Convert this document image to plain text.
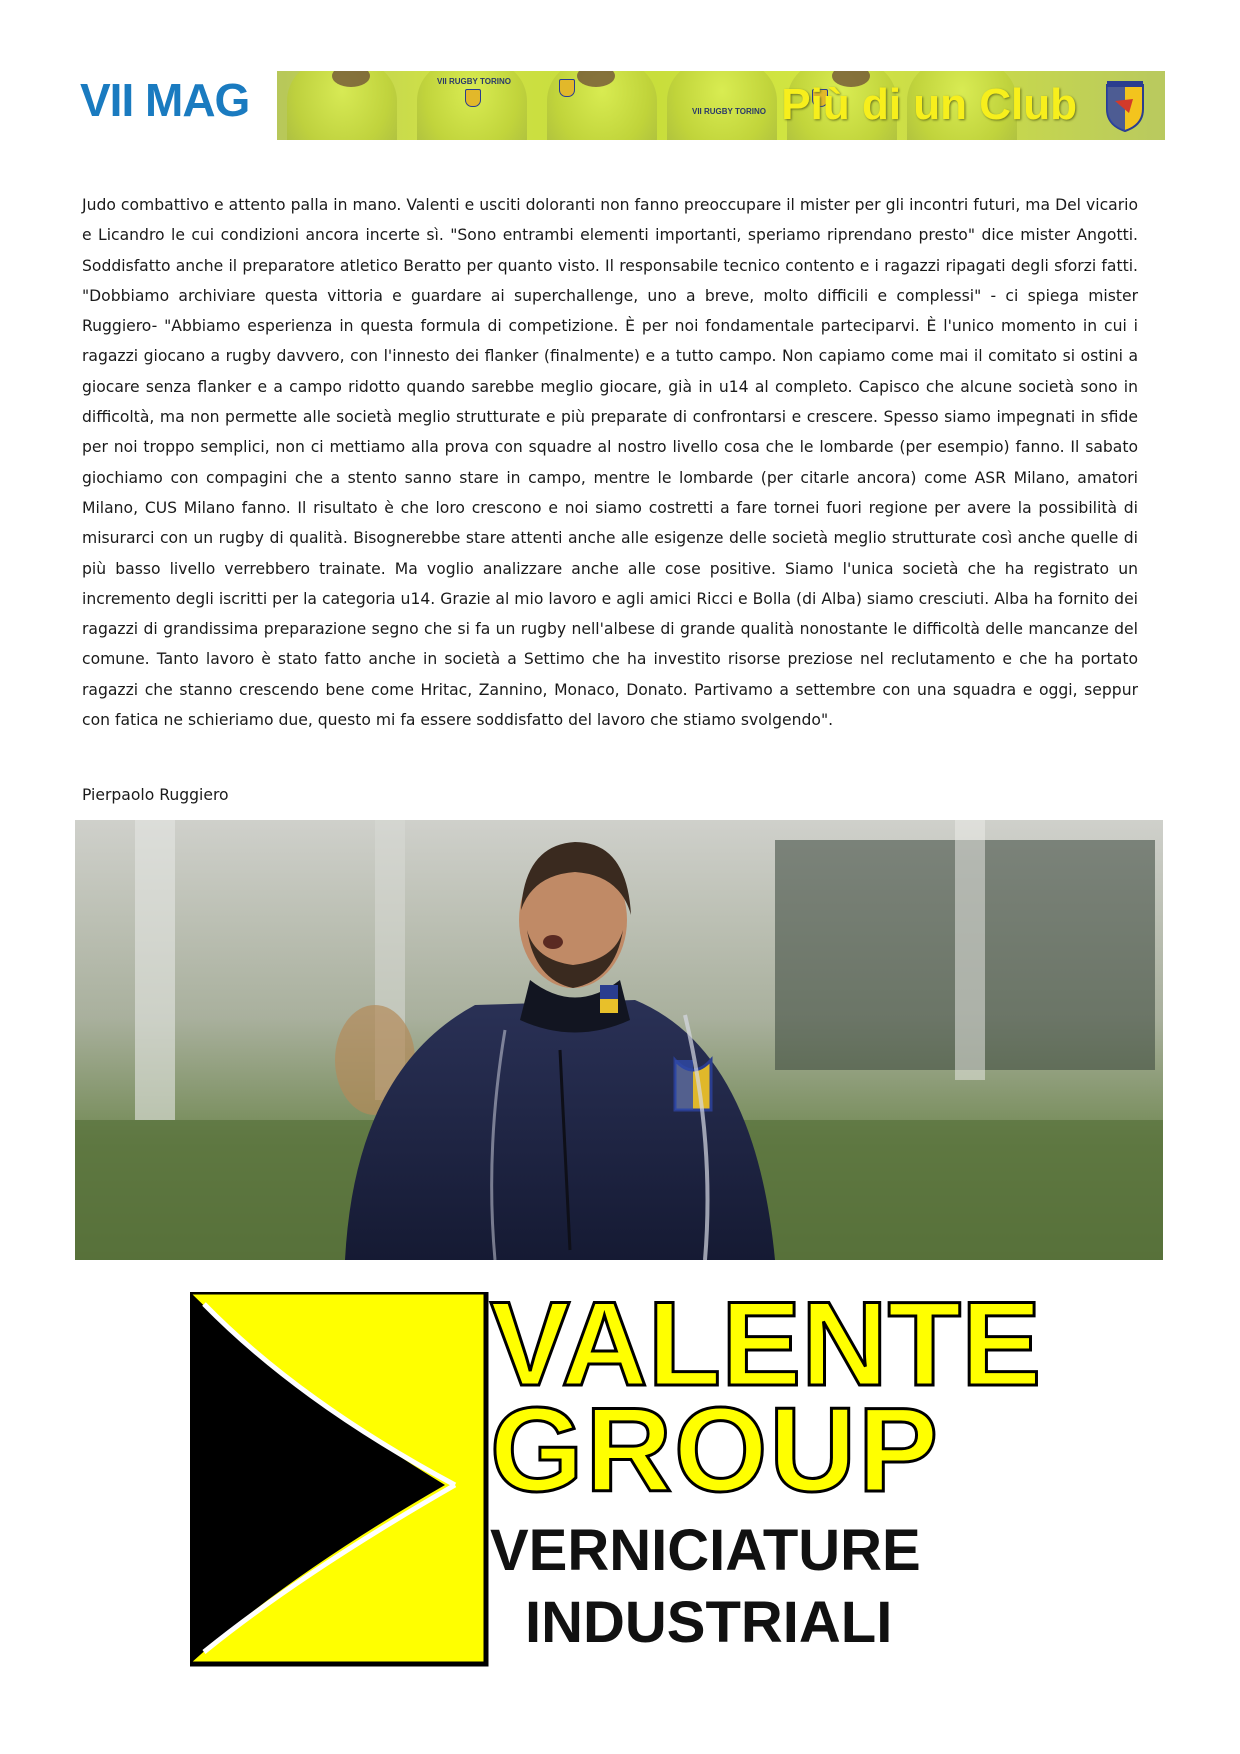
VII MAG	VII RUGBY TORINO
VII RUGBY TORINO Più di un Club

Judo combattivo e attento palla in mano. Valenti e usciti doloranti non fanno preoccupare il mister per gli incontri futuri, ma Del vicario e Licandro le cui condizioni ancora incerte sì. "Sono entrambi elementi importanti, speriamo riprendano presto" dice mister Angotti. Soddisfatto anche il preparatore atletico Beratto per quanto visto. Il responsabile tecnico contento e i ragazzi ripagati degli sforzi fatti. "Dobbiamo archiviare questa vittoria e guardare ai superchallenge, uno a breve, molto difficili e complessi" - ci spiega mister Ruggiero- "Abbiamo esperienza in questa formula di competizione. È per noi fondamentale parteciparvi. È l'unico momento in cui i ragazzi giocano a rugby davvero, con l'innesto dei flanker (finalmente) e a tutto campo. Non capiamo come mai il comitato si ostini a giocare senza flanker e a campo ridotto quando sarebbe meglio giocare, già in u14 al completo. Capisco che alcune società sono in difficoltà, ma non permette alle società meglio strutturate e più preparate di confrontarsi e crescere. Spesso siamo impegnati in sfide per noi troppo semplici, non ci mettiamo alla prova con squadre al nostro livello cosa che le lombarde (per esempio) fanno. Il sabato giochiamo con compagini che a stento sanno stare in campo, mentre le lombarde (per citarle ancora) come ASR Milano, amatori Milano, CUS Milano fanno. Il risultato è che loro crescono e noi siamo costretti a fare tornei fuori regione per avere la possibilità di misurarci con un rugby di qualità. Bisognerebbe stare attenti anche alle esigenze delle società meglio strutturate così anche quelle di più basso livello verrebbero trainate. Ma voglio analizzare anche alle cose positive. Siamo l'unica società che ha registrato un incremento degli iscritti per la categoria u14. Grazie al mio lavoro e agli amici Ricci e Bolla (di Alba) siamo cresciuti. Alba ha fornito dei ragazzi di grandissima preparazione segno che si fa un rugby nell'albese di grande qualità nonostante le difficoltà delle mancanze del comune. Tanto lavoro è stato fatto anche in società a Settimo che ha investito risorse preziose nel reclutamento e che ha portato ragazzi che stanno crescendo bene come Hritac, Zannino, Monaco, Donato. Partivamo a settembre con una squadra e oggi, seppur con fatica ne schieriamo due, questo mi fa essere soddisfatto del lavoro che stiamo svolgendo".

Pierpaolo Ruggiero
VALENTE
GROUP
VERNICIATURE
INDUSTRIALI
